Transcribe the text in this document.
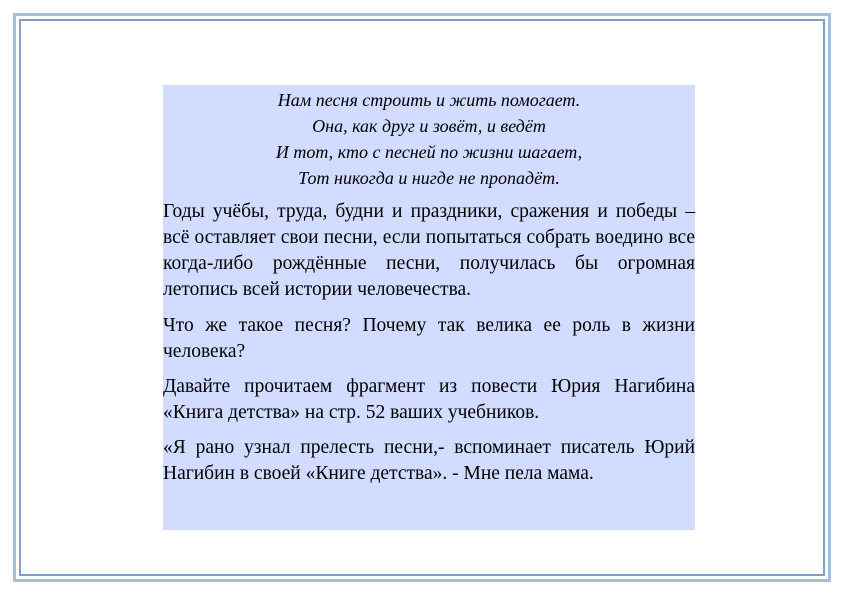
Нам песня строить и жить помогает.
Она, как друг и зовёт, и ведёт
И тот, кто с песней по жизни шагает,
Тот никогда и нигде не пропадёт.

Годы учёбы, труда, будни и праздники, сражения и победы – всё оставляет свои песни, если попытаться собрать воедино все когда-либо рождённые песни, получилась бы огромная летопись всей истории человечества.

Что же такое песня? Почему так велика ее роль в жизни человека?

Давайте прочитаем фрагмент из повести Юрия Нагибина «Книга детства» на стр. 52 ваших учебников.

«Я рано узнал прелесть песни,- вспоминает писатель Юрий Нагибин в своей «Книге детства». - Мне пела мама.
